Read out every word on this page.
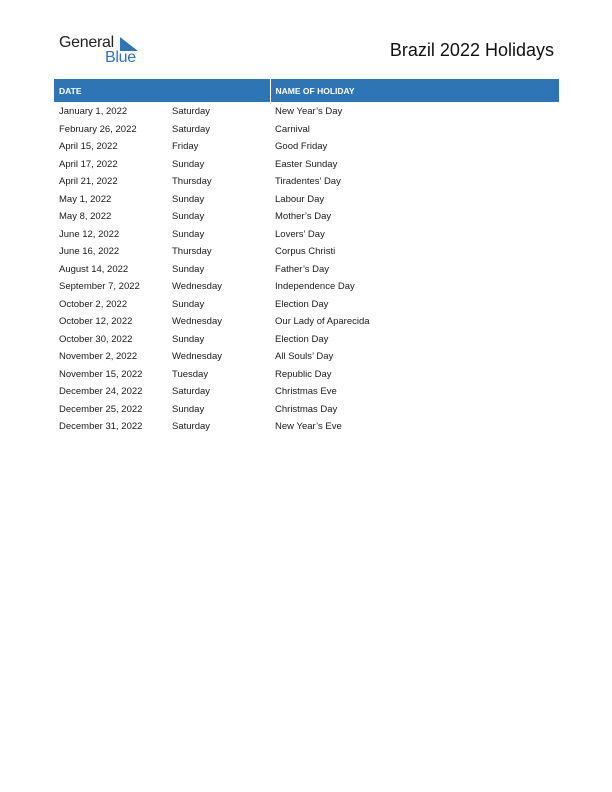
General
Blue	Brazil 2022 Holidays
DATE		NAME OF HOLIDAY
January 1, 2022	Saturday	New Year’s Day
February 26, 2022	Saturday	Carnival
April 15, 2022	Friday	Good Friday
April 17, 2022	Sunday	Easter Sunday
April 21, 2022	Thursday	Tiradentes’ Day
May 1, 2022	Sunday	Labour Day
May 8, 2022	Sunday	Mother’s Day
June 12, 2022	Sunday	Lovers’ Day
June 16, 2022	Thursday	Corpus Christi
August 14, 2022	Sunday	Father’s Day
September 7, 2022	Wednesday	Independence Day
October 2, 2022	Sunday	Election Day
October 12, 2022	Wednesday	Our Lady of Aparecida
October 30, 2022	Sunday	Election Day
November 2, 2022	Wednesday	All Souls’ Day
November 15, 2022	Tuesday	Republic Day
December 24, 2022	Saturday	Christmas Eve
December 25, 2022	Sunday	Christmas Day
December 31, 2022	Saturday	New Year’s Eve
